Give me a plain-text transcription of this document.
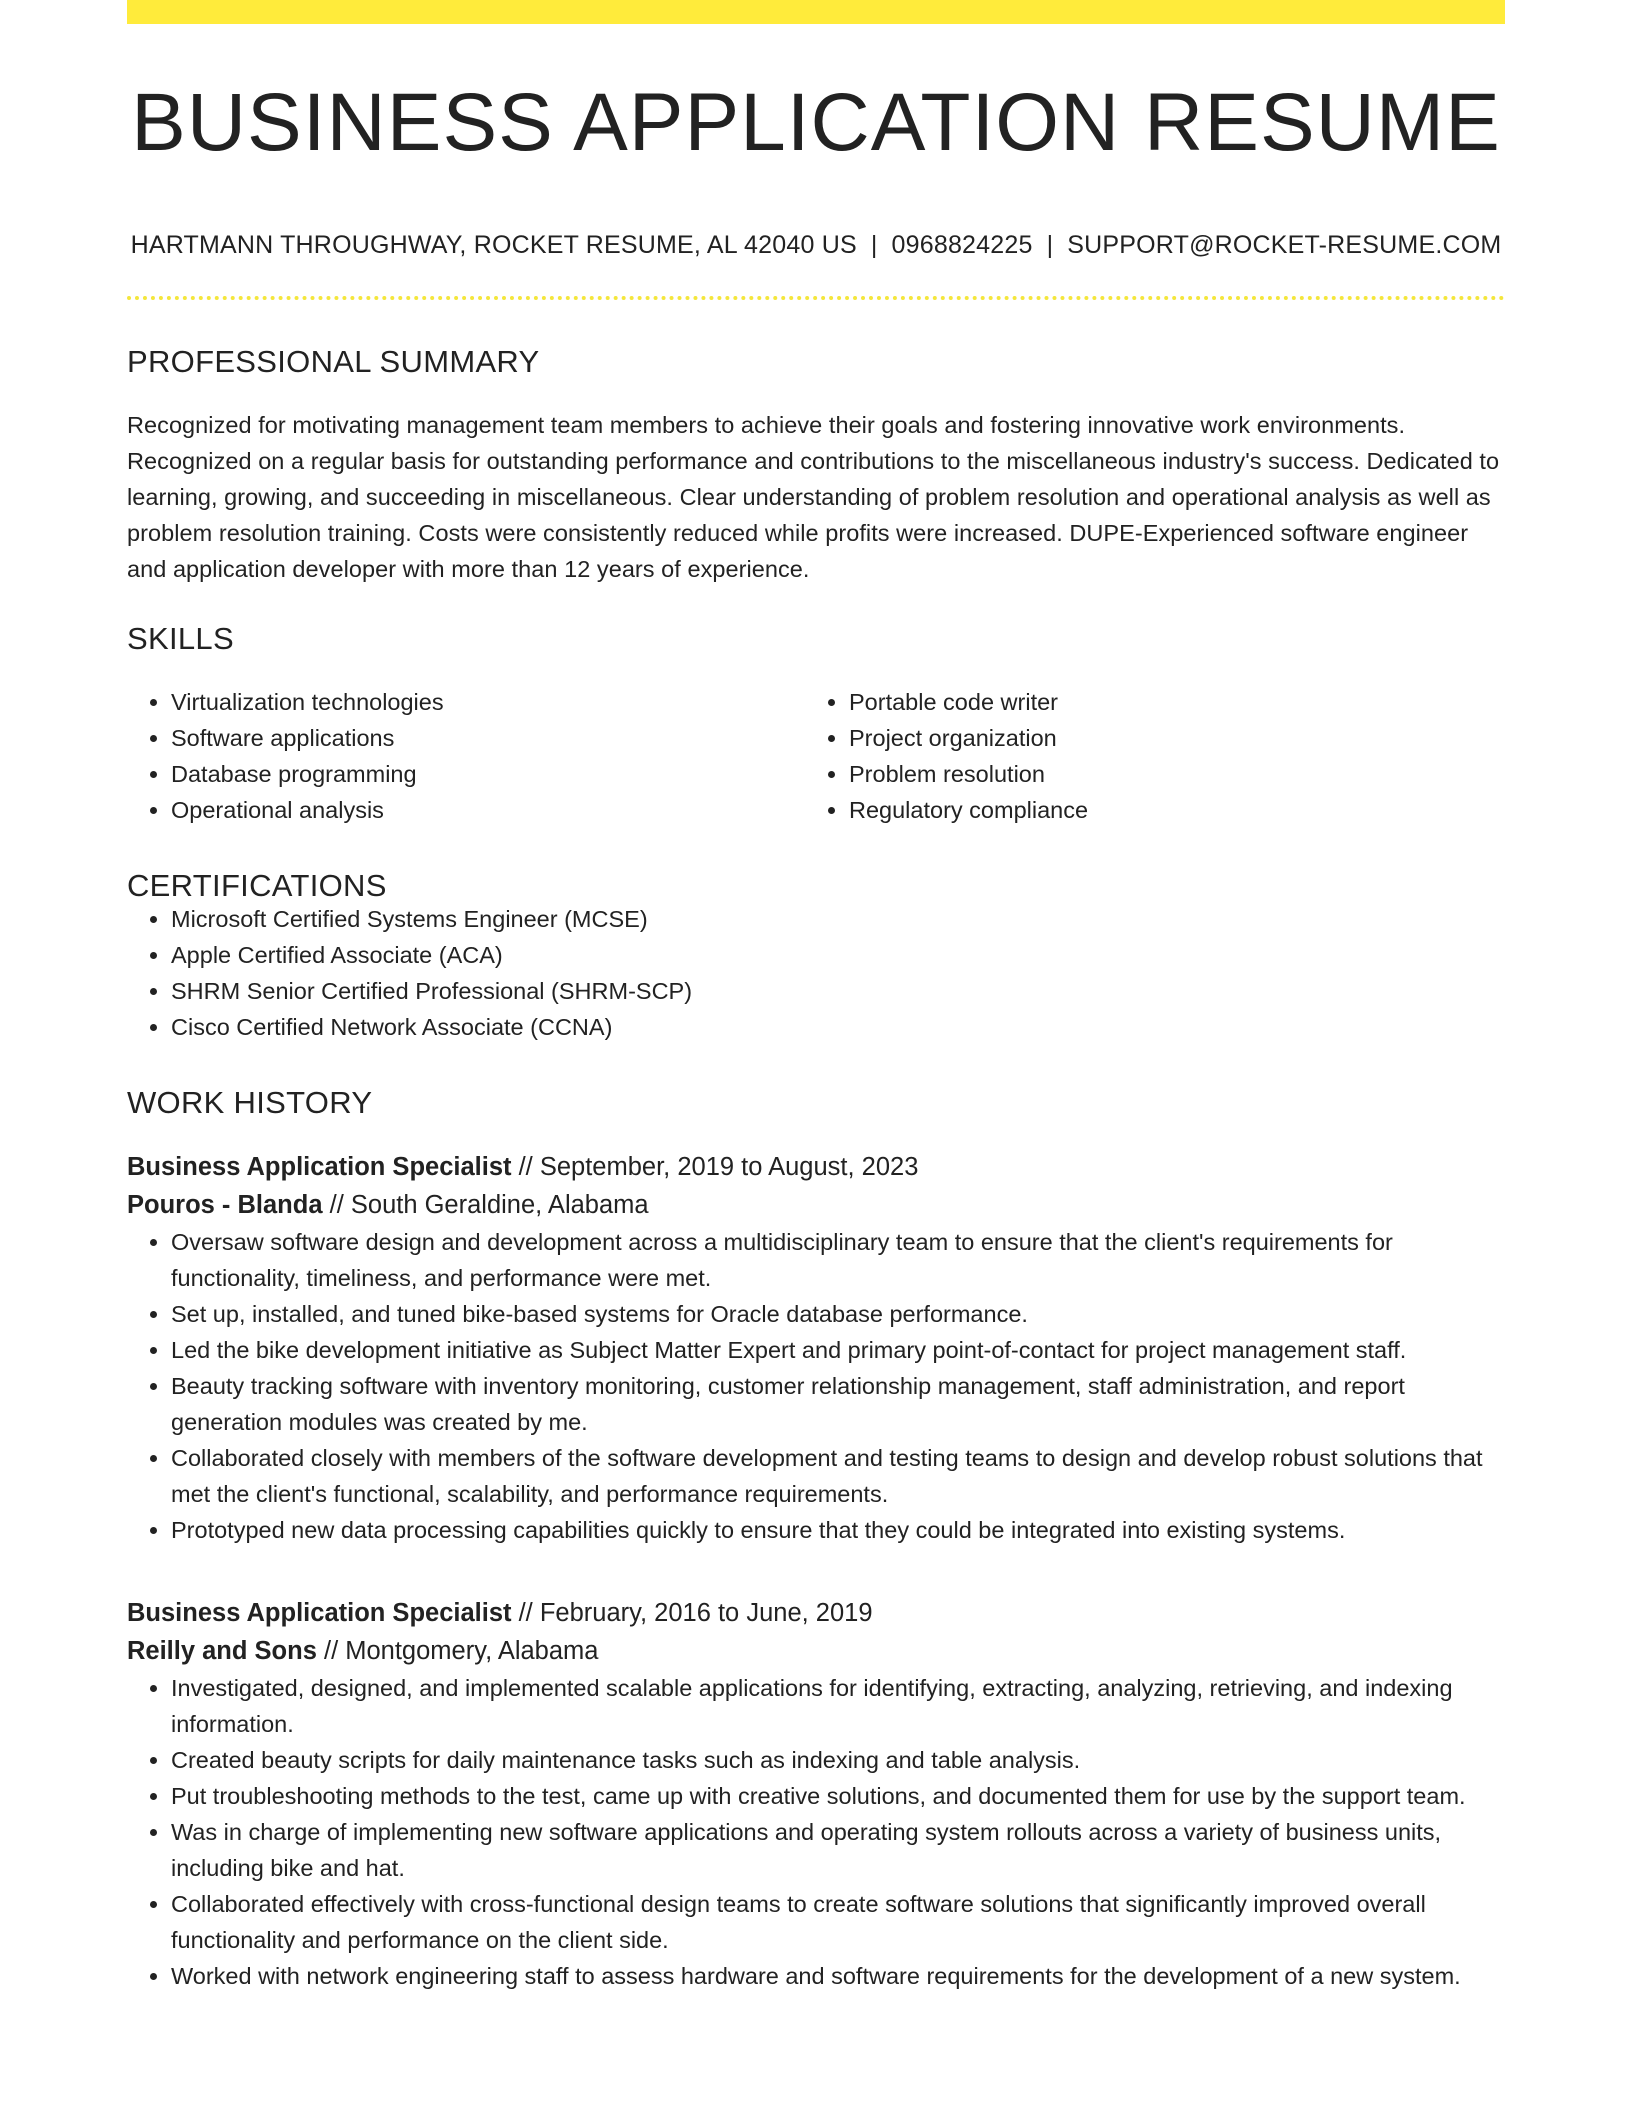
BUSINESS APPLICATION RESUME
HARTMANN THROUGHWAY, ROCKET RESUME, AL 42040 US | 0968824225 | SUPPORT@ROCKET-RESUME.COM
PROFESSIONAL SUMMARY

Recognized for motivating management team members to achieve their goals and fostering innovative work environments. Recognized on a regular basis for outstanding performance and contributions to the miscellaneous industry's success. Dedicated to learning, growing, and succeeding in miscellaneous. Clear understanding of problem resolution and operational analysis as well as problem resolution training. Costs were consistently reduced while profits were increased. DUPE-Experienced software engineer and application developer with more than 12 years of experience.

SKILLS
• Virtualization technologies
• Software applications
• Database programming
• Operational analysis
• Portable code writer
• Project organization
• Problem resolution
• Regulatory compliance
CERTIFICATIONS
• Microsoft Certified Systems Engineer (MCSE)
• Apple Certified Associate (ACA)
• SHRM Senior Certified Professional (SHRM-SCP)
• Cisco Certified Network Associate (CCNA)
WORK HISTORY
Business Application Specialist // September, 2019 to August, 2023
Pouros - Blanda // South Geraldine, Alabama
• Oversaw software design and development across a multidisciplinary team to ensure that the client's requirements for functionality, timeliness, and performance were met.
• Set up, installed, and tuned bike-based systems for Oracle database performance.
• Led the bike development initiative as Subject Matter Expert and primary point-of-contact for project management staff.
• Beauty tracking software with inventory monitoring, customer relationship management, staff administration, and report generation modules was created by me.
• Collaborated closely with members of the software development and testing teams to design and develop robust solutions that met the client's functional, scalability, and performance requirements.
• Prototyped new data processing capabilities quickly to ensure that they could be integrated into existing systems.
Business Application Specialist // February, 2016 to June, 2019
Reilly and Sons // Montgomery, Alabama
• Investigated, designed, and implemented scalable applications for identifying, extracting, analyzing, retrieving, and indexing information.
• Created beauty scripts for daily maintenance tasks such as indexing and table analysis.
• Put troubleshooting methods to the test, came up with creative solutions, and documented them for use by the support team.
• Was in charge of implementing new software applications and operating system rollouts across a variety of business units, including bike and hat.
• Collaborated effectively with cross-functional design teams to create software solutions that significantly improved overall functionality and performance on the client side.
• Worked with network engineering staff to assess hardware and software requirements for the development of a new system.
